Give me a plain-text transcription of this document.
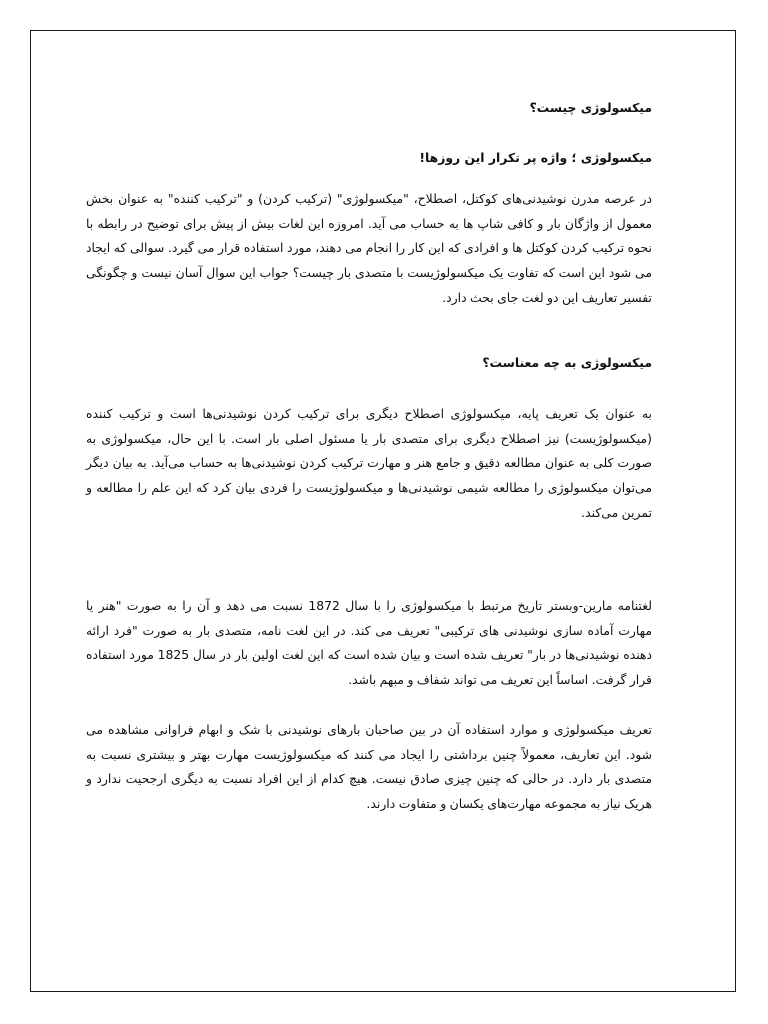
میکسولوژی چیست؟
میکسولوژی ؛ واژه پر تکرار این روزها!
در عرصه مدرن نوشیدنی‌های کوکتل، اصطلاح، "میکسولوژی" (ترکیب کردن) و "ترکیب کننده" به عنوان بخش معمول از واژگان بار و کافی شاپ ها به حساب می آید. امروزه این لغات بیش از پیش برای توضیح در رابطه با نحوه ترکیب کردن کوکتل ها و افرادی که این کار را انجام می دهند، مورد استفاده قرار می گیرد. سوالی که ایجاد می شود این است که تفاوت یک میکسولوژیست با متصدی بار چیست؟ جواب این سوال آسان نیست و چگونگی تفسیر تعاریف این دو لغت جای بحث دارد.
میکسولوژی به چه معناست؟
به عنوان یک تعریف پایه، میکسولوژی اصطلاح دیگری برای ترکیب کردن نوشیدنی‌ها است و ترکیب کننده (میکسولوژیست) نیز اصطلاح دیگری برای متصدی بار یا مسئول اصلی بار است. با این حال، میکسولوژی به صورت کلی به عنوان مطالعه دقیق و جامع هنر و مهارت ترکیب کردن نوشیدنی‌ها به حساب می‌آید. به بیان دیگر می‌توان میکسولوژی را مطالعه شیمی نوشیدنی‌ها و میکسولوژیست را فردی بیان کرد که این علم را مطالعه و تمرین می‌کند.
لغتنامه مارین-وبستر تاریخ مرتبط با میکسولوژی را با سال 1872 نسبت می دهد و آن را به صورت "هنر یا مهارت آماده سازی نوشیدنی های ترکیبی" تعریف می کند. در این لغت نامه، متصدی بار به صورت "فرد ارائه دهنده نوشیدنی‌ها در بار" تعریف شده است و بیان شده است که این لغت اولین بار در سال 1825 مورد استفاده قرار گرفت. اساساً این تعریف می تواند شفاف و مبهم باشد.
تعریف میکسولوژی و موارد استفاده آن در بین صاحبان بارهای نوشیدنی با شک و ابهام فراوانی مشاهده می شود. این تعاریف، معمولاً چنین برداشتی را ایجاد می کنند که میکسولوژیست مهارت بهتر و بیشتری نسبت به متصدی بار دارد. در حالی که چنین چیزی صادق نیست. هیچ کدام از این افراد نسبت به دیگری ارجحیت ندارد و هریک نیاز به مجموعه مهارت‌های یکسان و متفاوت دارند.
